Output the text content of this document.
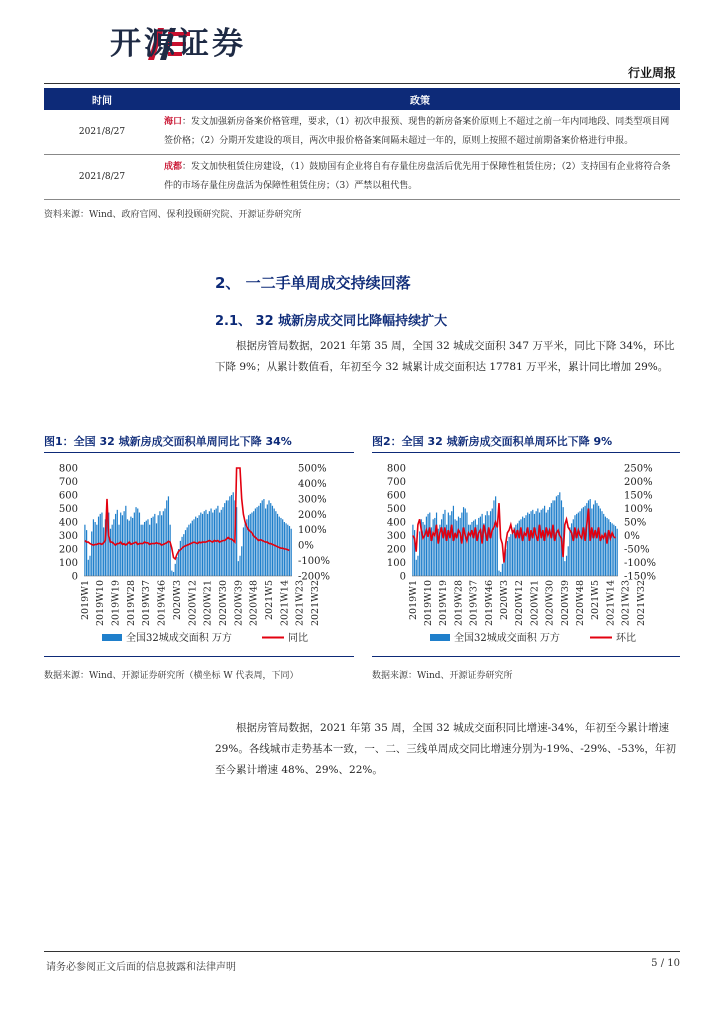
开源证券
行业周报
时间	政策
2021/8/27	海口：发文加强新房备案价格管理，要求，（1）初次申报预、现售的新房备案价原则上不超过之前一年内同地段、同类型项目网签价格；（2）分期开发建设的项目，两次申报价格备案间隔未超过一年的，原则上按照不超过前期备案价格进行申报。
2021/8/27	成都：发文加快租赁住房建设，（1）鼓励国有企业将自有存量住房盘活后优先用于保障性租赁住房；（2）支持国有企业将符合条件的市场存量住房盘活为保障性租赁住房；（3）严禁以租代售。
资料来源：Wind、政府官网、保利投顾研究院、开源证券研究所
2、 一二手单周成交持续回落
2.1、 32 城新房成交同比降幅持续扩大
根据房管局数据，2021 年第 35 周，全国 32 城成交面积 347 万平米，同比下降 34%，环比下降 9%；从累计数值看，年初至今 32 城累计成交面积达 17781 万平米，累计同比增加 29%。
图1：全国 32 城新房成交面积单周同比下降 34%	图2：全国 32 城新房成交面积单周环比下降 9%
0
100
200
300
400
500
600
700
800
-200%
-100%
0%
100%
200%
300%
400%
500%
2019W1 2019W10 2019W19 2019W28 2019W37 2019W46 2020W3 2020W12 2020W21 2020W30 2020W39 2020W48 2021W5 2021W14 2021W23 2021W32
全国32城成交面积 万方	同比
0
100
200
300
400
500
600
700
800
-150%
-100%
-50%
0%
50%
100%
150%
200%
250%
2019W1 2019W10 2019W19 2019W28 2019W37 2019W46 2020W3 2020W12 2020W21 2020W30 2020W39 2020W48 2021W5 2021W14 2021W23 2021W32
全国32城成交面积 万方	环比
数据来源：Wind、开源证券研究所（横坐标 W 代表周，下同）	数据来源：Wind、开源证券研究所
根据房管局数据，2021 年第 35 周，全国 32 城成交面积同比增速-34%，年初至今累计增速 29%。各线城市走势基本一致，一、二、三线单周成交同比增速分别为-19%、-29%、-53%，年初至今累计增速 48%、29%、22%。
请务必参阅正文后面的信息披露和法律声明	5 / 10
